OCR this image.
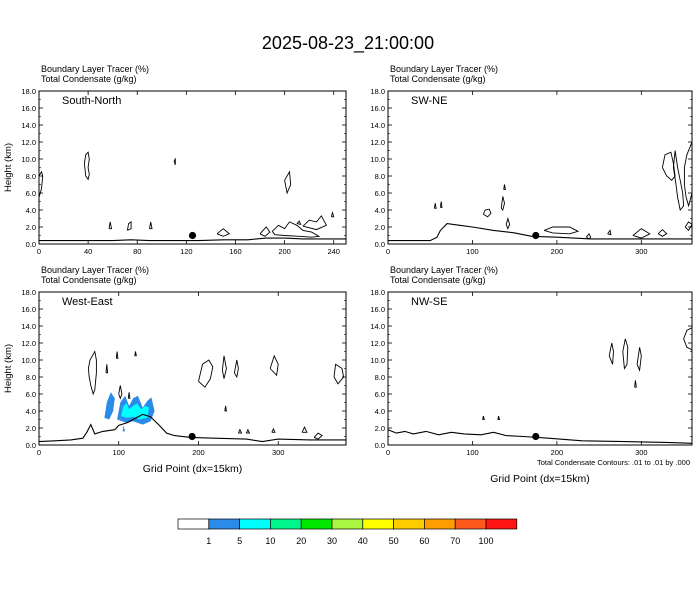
2025-08-23_21:00:00
Boundary Layer Tracer (%)
Total Condensate (g/kg)
0.0
2.0
4.0
6.0
8.0
10.0
12.0
14.0
16.0
18.0
0	40	80	120	160	200	240
South-North
Height (km)
Boundary Layer Tracer (%)
Total Condensate (g/kg)
0.0
2.0
4.0
6.0
8.0
10.0
12.0
14.0
16.0
18.0
0	100	200	300
SW-NE
Boundary Layer Tracer (%)
Total Condensate (g/kg)
0.0
2.0
4.0
6.0
8.0
10.0
12.0
14.0
16.0
18.0
0	100	200	300
West-East
Height (km)
Grid Point (dx=15km)
Boundary Layer Tracer (%)
Total Condensate (g/kg)
0.0
2.0
4.0
6.0
8.0
10.0
12.0
14.0
16.0
18.0
0	100	200	300
NW-SE
Grid Point (dx=15km)
Total Condensate Contours: .01 to .01 by .000
1	5	10 20 30 40 50 60 70 100
